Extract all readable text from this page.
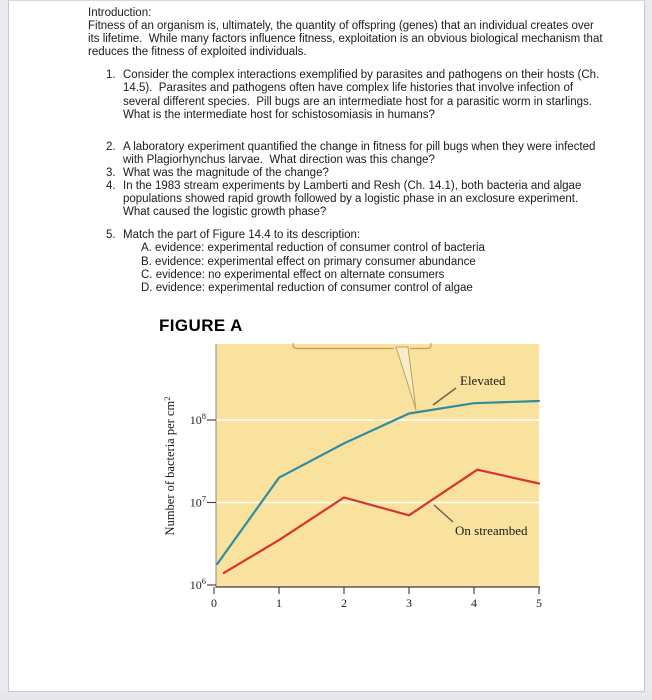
Introduction:
Fitness of an organism is, ultimately, the quantity of offspring (genes) that an individual creates over its lifetime.  While many factors influence fitness, exploitation is an obvious biological mechanism that reduces the fitness of exploited individuals.
1. Consider the complex interactions exemplified by parasites and pathogens on their hosts (Ch. 14.5).  Parasites and pathogens often have complex life histories that involve infection of several different species.  Pill bugs are an intermediate host for a parasitic worm in starlings.  What is the intermediate host for schistosomiasis in humans?
2. A laboratory experiment quantified the change in fitness for pill bugs when they were infected with Plagiorhynchus larvae.  What direction was this change?
3. What was the magnitude of the change?
4. In the 1983 stream experiments by Lamberti and Resh (Ch. 14.1), both bacteria and algae populations showed rapid growth followed by a logistic phase in an exclosure experiment.  What caused the logistic growth phase?
5. Match the part of Figure 14.4 to its description:
A. evidence: experimental reduction of consumer control of bacteria
B. evidence: experimental effect on primary consumer abundance
C. evidence: no experimental effect on alternate consumers
D. evidence: experimental reduction of consumer control of algae
FIGURE A
0	1	2	3	4	5
$10^6$
$10^7$
$10^8$
Elevated
On streambed
Number of bacteria per $cm^2$
